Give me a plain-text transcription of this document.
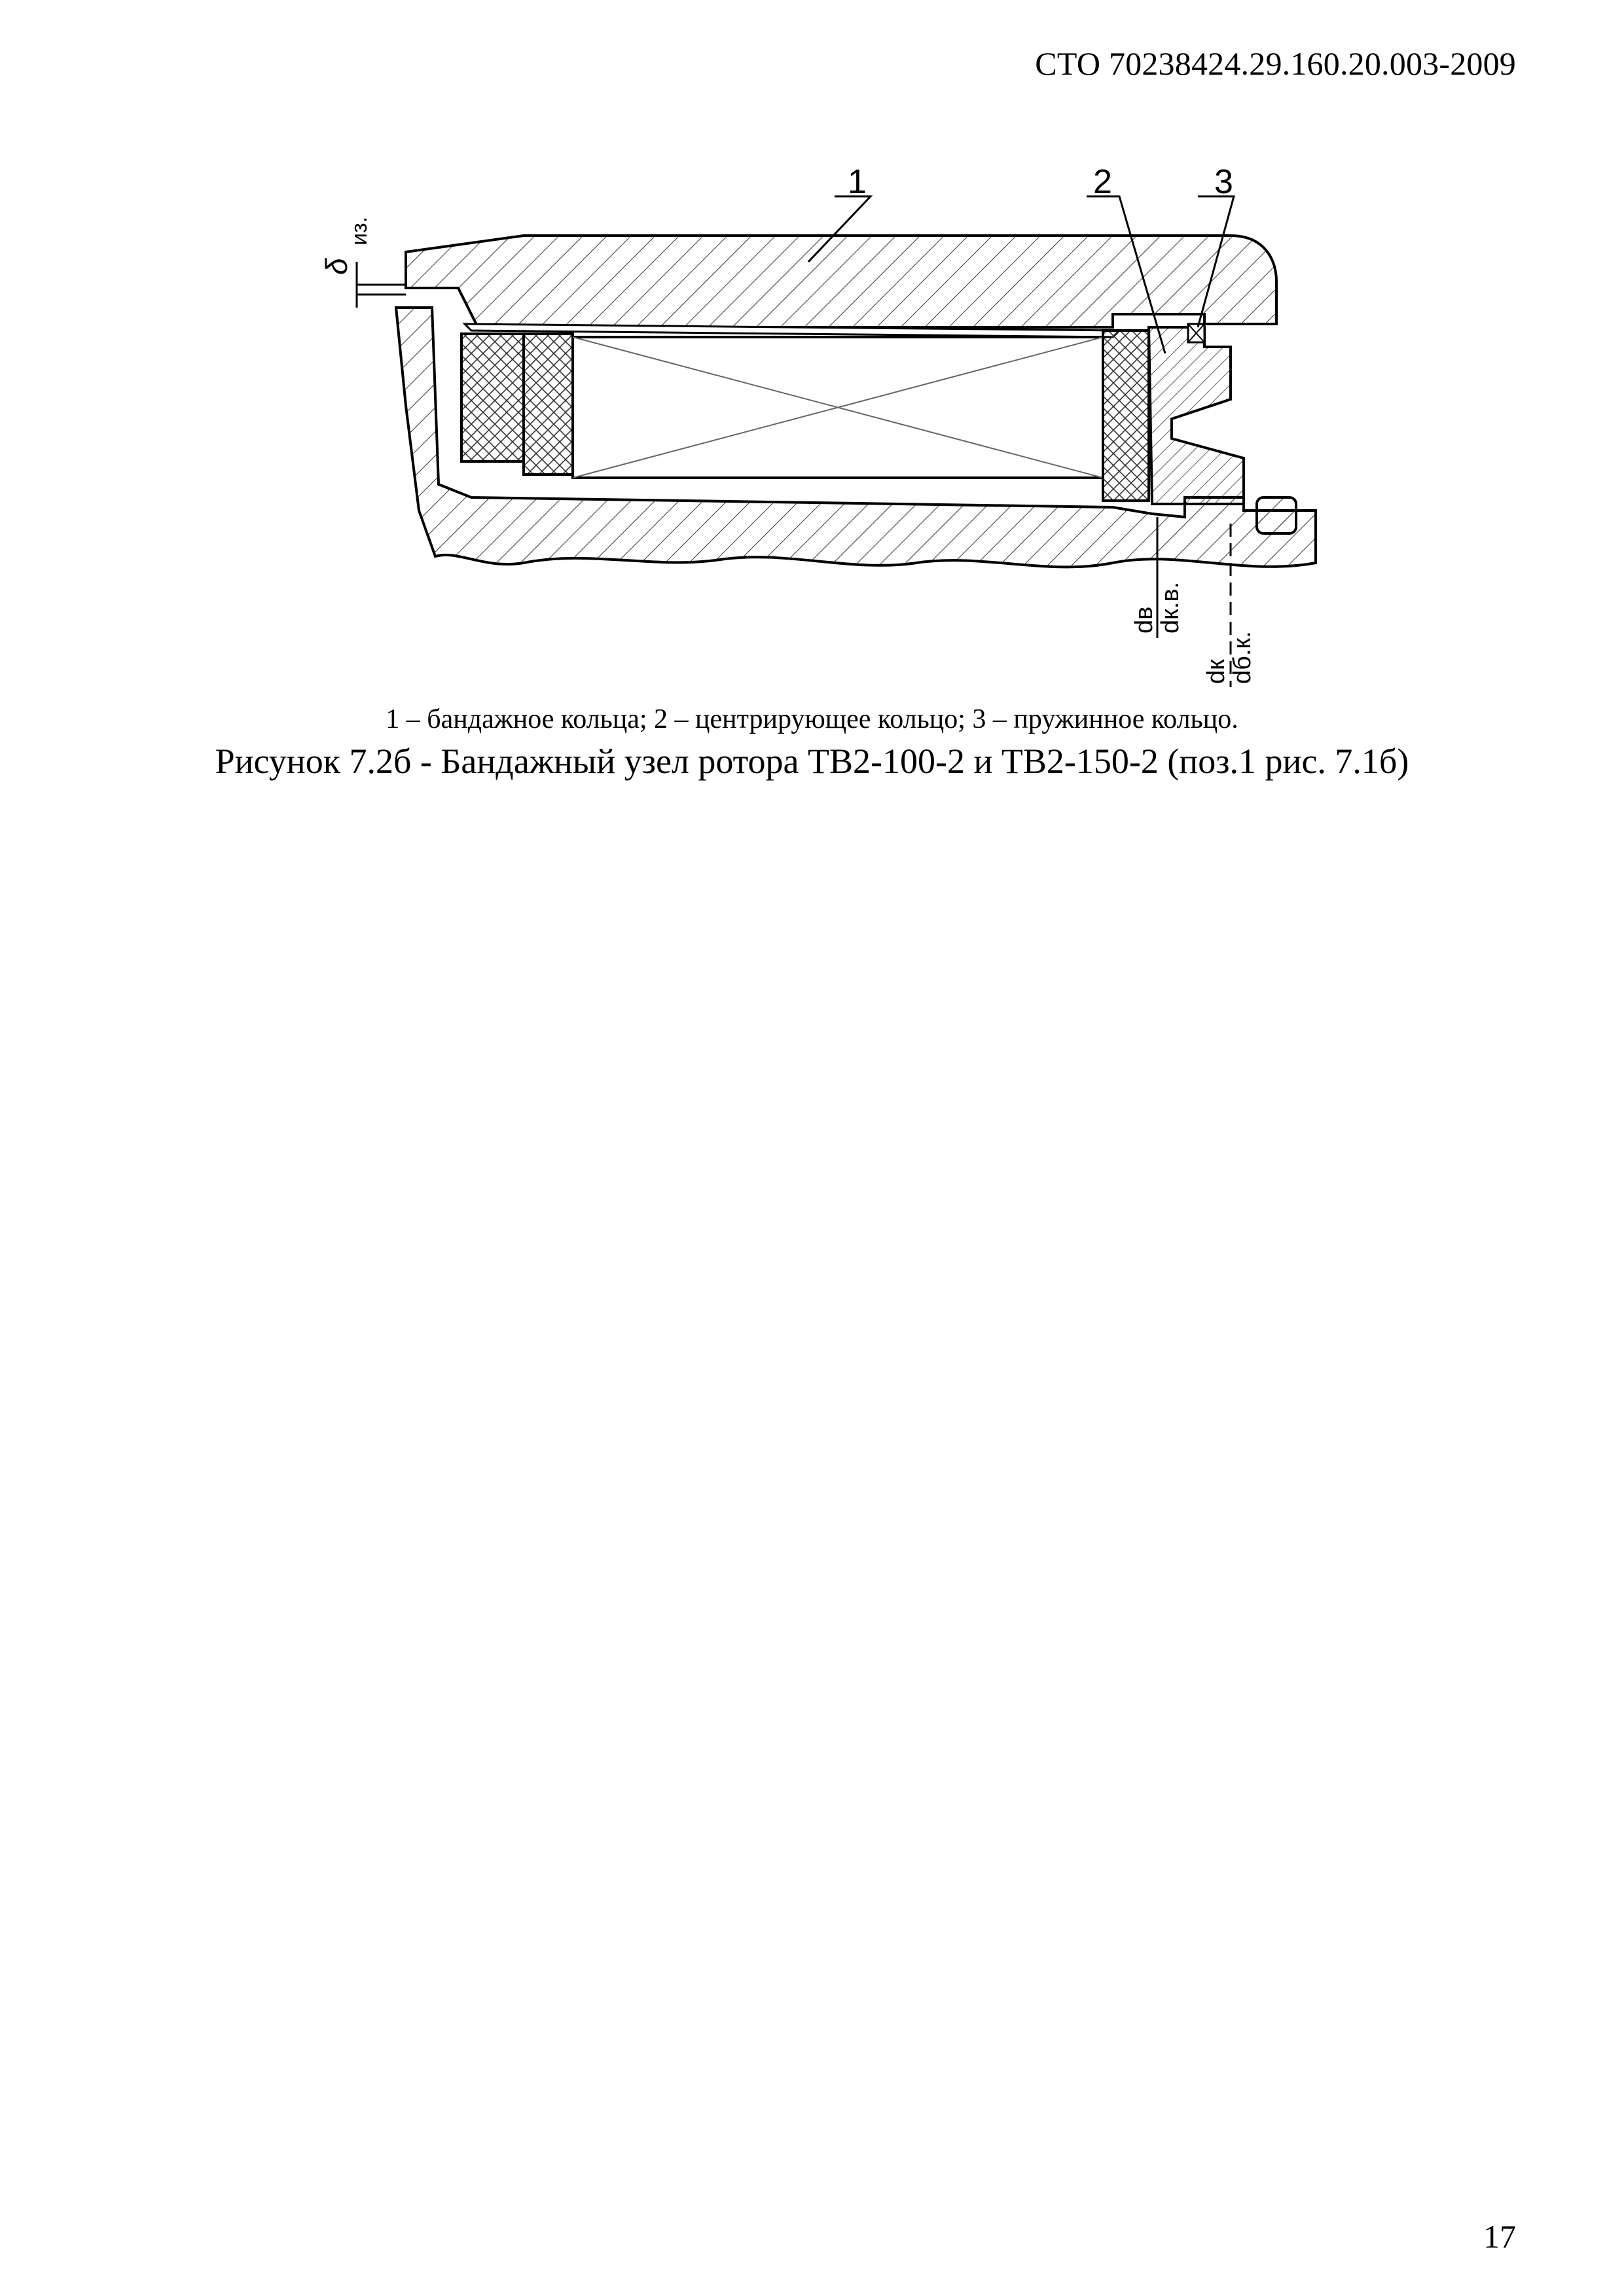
СТО 70238424.29.160.20.003-2009
δ
из.
1	2	3
dв
dк.в.
dк
dб.к.
1 – бандажное кольца; 2 – центрирующее кольцо; 3 – пружинное кольцо.
Рисунок 7.2б - Бандажный узел ротора ТВ2-100-2 и ТВ2-150-2 (поз.1 рис. 7.1б)
17
